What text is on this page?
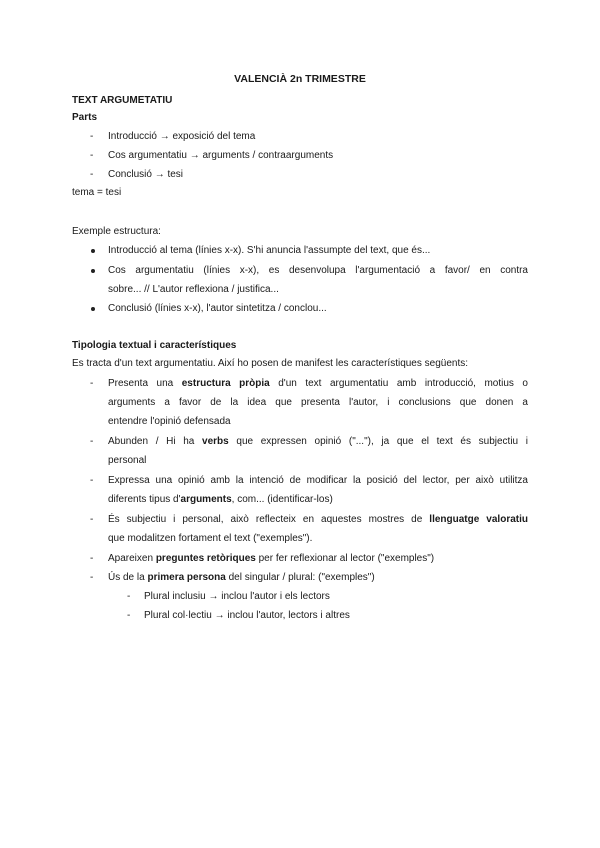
VALENCIÀ 2n TRIMESTRE
TEXT ARGUMETATIU
Parts
- Introducció → exposició del tema
- Cos argumentatiu → arguments / contraarguments
- Conclusió → tesi
tema = tesi
Exemple estructura:
Introducció al tema (línies x-x). S'hi anuncia l'assumpte del text, que és...
Cos argumentatiu (línies x-x), es desenvolupa l'argumentació a favor/ en contra
sobre... // L'autor reflexiona / justifica...
Conclusió (línies x-x), l'autor sintetitza / conclou...
Tipologia textual i característiques
Es tracta d'un text argumentatiu. Així ho posen de manifest les característiques següents:
- Presenta una estructura pròpia d'un text argumentatiu amb introducció, motius o
arguments a favor de la idea que presenta l'autor, i conclusions que donen a
entendre l'opinió defensada
- Abunden / Hi ha verbs que expressen opinió ("..."), ja que el text és subjectiu i
personal
- Expressa una opinió amb la intenció de modificar la posició del lector, per això utilitza
diferents tipus d'arguments, com... (identificar-los)
- És subjectiu i personal, això reflecteix en aquestes mostres de llenguatge valoratiu
que modalitzen fortament el text ("exemples").
- Apareixen preguntes retòriques per fer reflexionar al lector ("exemples")
- Ús de la primera persona del singular / plural: ("exemples")
- Plural inclusiu → inclou l'autor i els lectors
- Plural col·lectiu → inclou l'autor, lectors i altres
